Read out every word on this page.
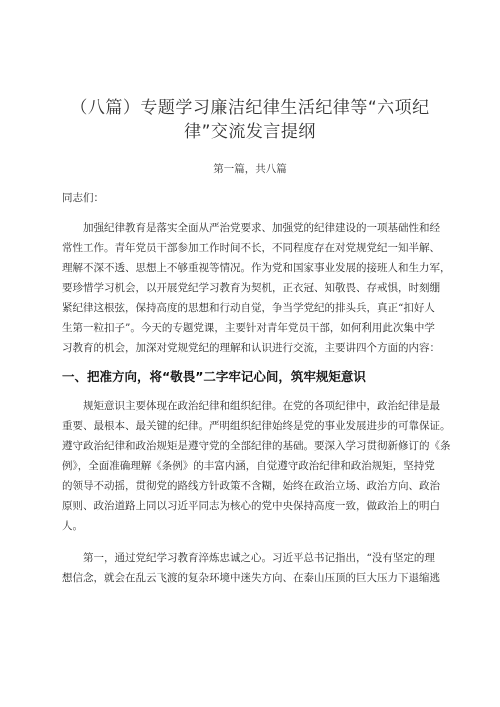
（八篇）专题学习廉洁纪律生活纪律等“六项纪
律”交流发言提纲

第一篇，共八篇

同志们：

加强纪律教育是落实全面从严治党要求、加强党的纪律建设的一项基础性和经

常性工作。青年党员干部参加工作时间不长，不同程度存在对党规党纪一知半解、

理解不深不透、思想上不够重视等情况。作为党和国家事业发展的接班人和生力军，

要珍惜学习机会，以开展党纪学习教育为契机，正衣冠、知敬畏、存戒惧，时刻绷

紧纪律这根弦，保持高度的思想和行动自觉，争当学党纪的排头兵，真正“扣好人

生第一粒扣子”。今天的专题党课，主要针对青年党员干部，如何利用此次集中学

习教育的机会，加深对党规党纪的理解和认识进行交流，主要讲四个方面的内容：

一、把准方向，将“敬畏”二字牢记心间，筑牢规矩意识

规矩意识主要体现在政治纪律和组织纪律。在党的各项纪律中，政治纪律是最

重要、最根本、最关键的纪律。严明组织纪律始终是党的事业发展进步的可靠保证。

遵守政治纪律和政治规矩是遵守党的全部纪律的基础。要深入学习贯彻新修订的《条

例》，全面准确理解《条例》的丰富内涵，自觉遵守政治纪律和政治规矩，坚持党

的领导不动摇，贯彻党的路线方针政策不含糊，始终在政治立场、政治方向、政治

原则、政治道路上同以习近平同志为核心的党中央保持高度一致，做政治上的明白

人。

第一，通过党纪学习教育淬炼忠诚之心。习近平总书记指出，“没有坚定的理

想信念，就会在乱云飞渡的复杂环境中迷失方向、在泰山压顶的巨大压力下退缩逃
